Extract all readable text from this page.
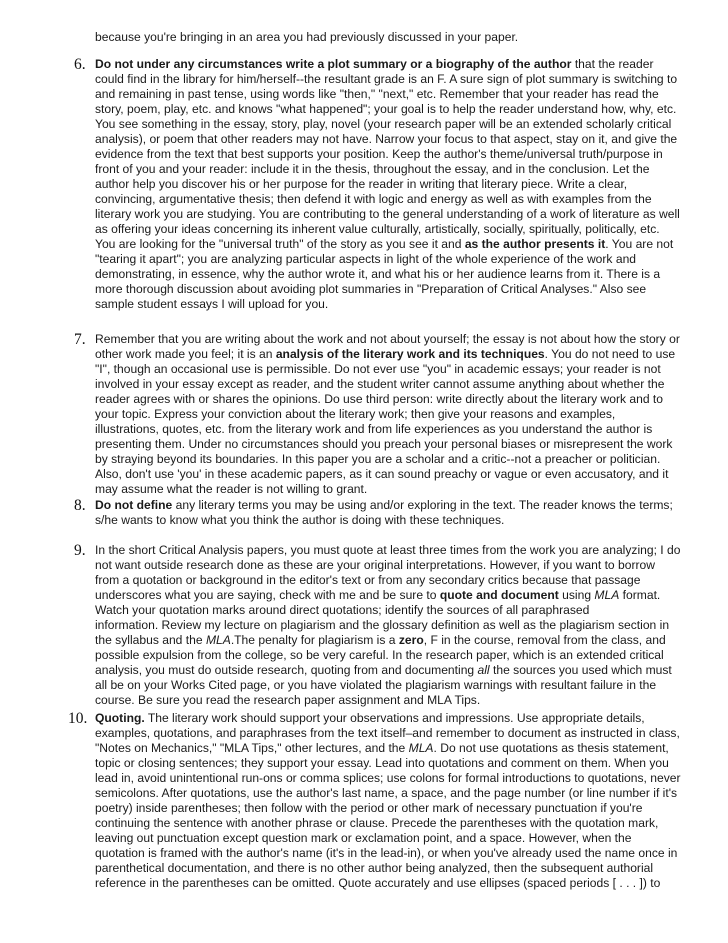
because you're bringing in an area you had previously discussed in your paper.
6. Do not under any circumstances write a plot summary or a biography of the author that the reader
could find in the library for him/herself--the resultant grade is an F. A sure sign of plot summary is switching to
and remaining in past tense, using words like "then," "next," etc. Remember that your reader has read the
story, poem, play, etc. and knows "what happened"; your goal is to help the reader understand how, why, etc.
You see something in the essay, story, play, novel (your research paper will be an extended scholarly critical
analysis), or poem that other readers may not have. Narrow your focus to that aspect, stay on it, and give the
evidence from the text that best supports your position. Keep the author's theme/universal truth/purpose in
front of you and your reader: include it in the thesis, throughout the essay, and in the conclusion. Let the
author help you discover his or her purpose for the reader in writing that literary piece. Write a clear,
convincing, argumentative thesis; then defend it with logic and energy as well as with examples from the
literary work you are studying. You are contributing to the general understanding of a work of literature as well
as offering your ideas concerning its inherent value culturally, artistically, socially, spiritually, politically, etc.
You are looking for the "universal truth" of the story as you see it and as the author presents it. You are not
"tearing it apart"; you are analyzing particular aspects in light of the whole experience of the work and
demonstrating, in essence, why the author wrote it, and what his or her audience learns from it. There is a
more thorough discussion about avoiding plot summaries in "Preparation of Critical Analyses." Also see
sample student essays I will upload for you.
7. Remember that you are writing about the work and not about yourself; the essay is not about how the story or
other work made you feel; it is an analysis of the literary work and its techniques. You do not need to use
"I", though an occasional use is permissible. Do not ever use "you" in academic essays; your reader is not
involved in your essay except as reader, and the student writer cannot assume anything about whether the
reader agrees with or shares the opinions. Do use third person: write directly about the literary work and to
your topic. Express your conviction about the literary work; then give your reasons and examples,
illustrations, quotes, etc. from the literary work and from life experiences as you understand the author is
presenting them. Under no circumstances should you preach your personal biases or misrepresent the work
by straying beyond its boundaries. In this paper you are a scholar and a critic--not a preacher or politician.
Also, don't use 'you' in these academic papers, as it can sound preachy or vague or even accusatory, and it
may assume what the reader is not willing to grant.
8. Do not define any literary terms you may be using and/or exploring in the text. The reader knows the terms;
s/he wants to know what you think the author is doing with these techniques.
9. In the short Critical Analysis papers, you must quote at least three times from the work you are analyzing; I do
not want outside research done as these are your original interpretations. However, if you want to borrow
from a quotation or background in the editor's text or from any secondary critics because that passage
underscores what you are saying, check with me and be sure to quote and document using MLA format.
Watch your quotation marks around direct quotations; identify the sources of all paraphrased
information. Review my lecture on plagiarism and the glossary definition as well as the plagiarism section in
the syllabus and the MLA.The penalty for plagiarism is a zero, F in the course, removal from the class, and
possible expulsion from the college, so be very careful. In the research paper, which is an extended critical
analysis, you must do outside research, quoting from and documenting all the sources you used which must
all be on your Works Cited page, or you have violated the plagiarism warnings with resultant failure in the
course. Be sure you read the research paper assignment and MLA Tips.
10. Quoting. The literary work should support your observations and impressions. Use appropriate details,
examples, quotations, and paraphrases from the text itself–and remember to document as instructed in class,
"Notes on Mechanics," "MLA Tips," other lectures, and the MLA. Do not use quotations as thesis statement,
topic or closing sentences; they support your essay. Lead into quotations and comment on them. When you
lead in, avoid unintentional run-ons or comma splices; use colons for formal introductions to quotations, never
semicolons. After quotations, use the author's last name, a space, and the page number (or line number if it's
poetry) inside parentheses; then follow with the period or other mark of necessary punctuation if you're
continuing the sentence with another phrase or clause. Precede the parentheses with the quotation mark,
leaving out punctuation except question mark or exclamation point, and a space. However, when the
quotation is framed with the author's name (it's in the lead-in), or when you've already used the name once in
parenthetical documentation, and there is no other author being analyzed, then the subsequent authorial
reference in the parentheses can be omitted. Quote accurately and use ellipses (spaced periods [ . . . ]) to
